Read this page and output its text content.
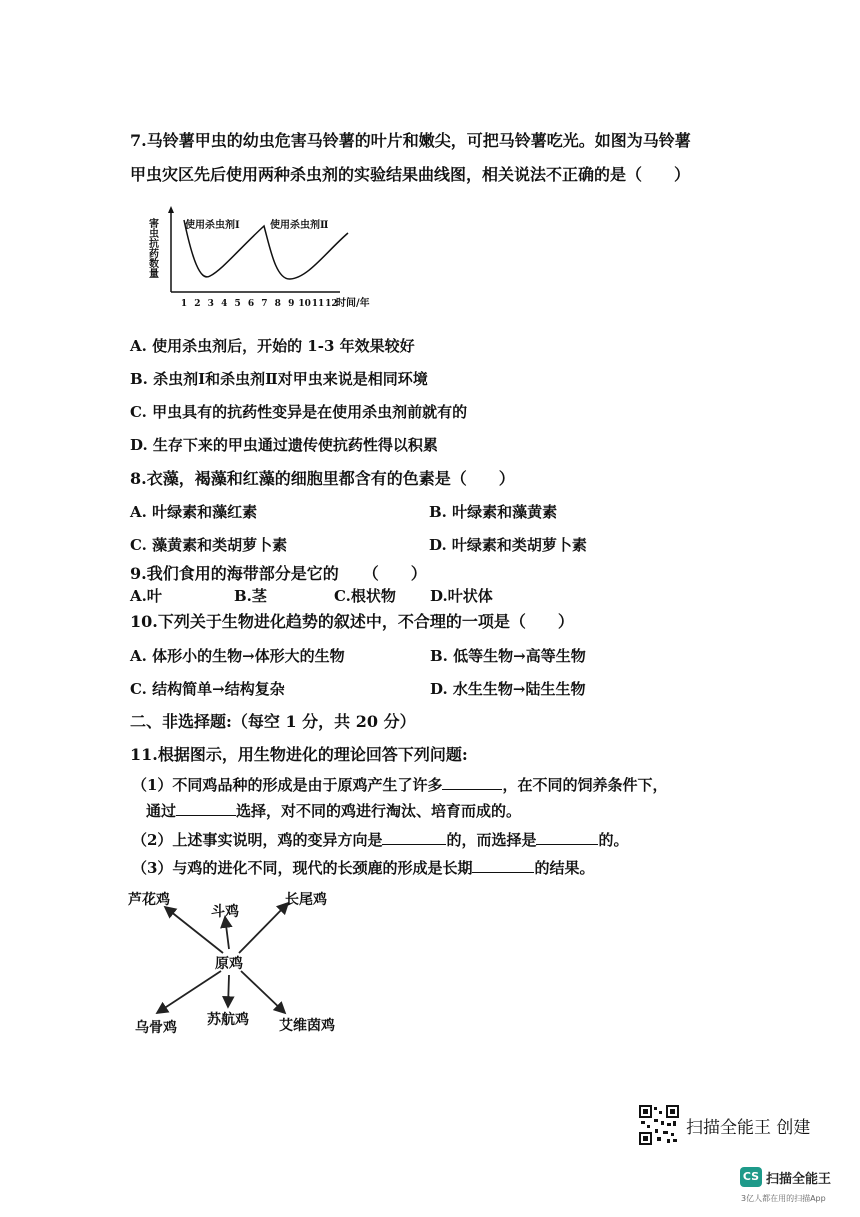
7.马铃薯甲虫的幼虫危害马铃薯的叶片和嫩尖，可把马铃薯吃光。如图为马铃薯
甲虫灾区先后使用两种杀虫剂的实验结果曲线图，相关说法不正确的是（　　）
害虫抗药数量	使用杀虫剂Ⅰ	使用杀虫剂Ⅱ
1 2 3 4 5 6 7 8 9 10 11 12
时间/年
A. 使用杀虫剂后，开始的 1-3 年效果较好
B. 杀虫剂Ⅰ和杀虫剂Ⅱ对甲虫来说是相同环境
C. 甲虫具有的抗药性变异是在使用杀虫剂前就有的
D. 生存下来的甲虫通过遗传使抗药性得以积累
8.衣藻，褐藻和红藻的细胞里都含有的色素是（　　）
A. 叶绿素和藻红素	B. 叶绿素和藻黄素
C. 藻黄素和类胡萝卜素	D. 叶绿素和类胡萝卜素
9.我们食用的海带部分是它的　　（　　）
A.叶	B.茎	C.根状物 D.叶状体
10.下列关于生物进化趋势的叙述中，不合理的一项是（　　）
A. 体形小的生物→体形大的生物	B. 低等生物→高等生物
C. 结构简单→结构复杂	D. 水生生物→陆生生物
二、非选择题:（每空 1 分，共 20 分）
11.根据图示，用生物进化的理论回答下列问题:
（1）不同鸡品种的形成是由于原鸡产生了许多	，在不同的饲养条件下，
通过	选择，对不同的鸡进行淘汰、培育而成的。
（2）上述事实说明，鸡的变异方向是	的，而选择是	的。
（3）与鸡的进化不同，现代的长颈鹿的形成是长期	的结果。
芦花鸡
斗鸡
长尾鸡
原鸡
乌骨鸡 苏航鸡 艾维茵鸡
扫描全能王 创建
CS 扫描全能王
3亿人都在用的扫描App
